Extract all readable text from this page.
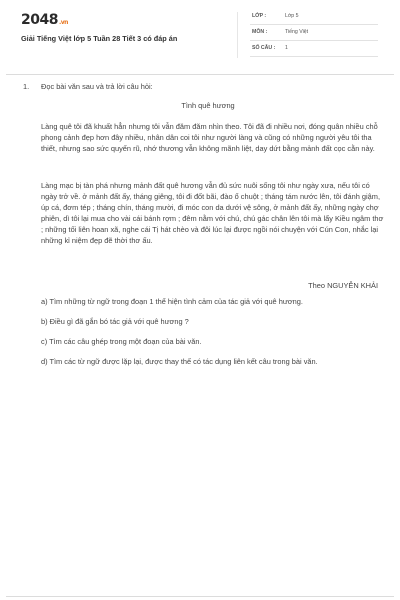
2048.vn
Giải Tiếng Việt lớp 5 Tuần 28 Tiết 3 có đáp án
LỚP :	Lớp 5
MÔN :	Tiếng Việt
SỐ CÂU : 1
1. Đọc bài văn sau và trả lời câu hỏi:
Tình quê hương

Làng quê tôi đã khuất hẳn nhưng tôi vẫn đăm đăm nhìn theo. Tôi đã đi nhiều nơi, đóng quân nhiều chỗ phong cảnh đẹp hơn đây nhiều, nhân dân coi tôi như người làng và cũng có những người yêu tôi tha thiết, nhưng sao sức quyến rũ, nhớ thương vẫn không mãnh liệt, day dứt bằng mảnh đất cọc cằn này.

Làng mạc bị tàn phá nhưng mảnh đất quê hương vẫn đủ sức nuôi sống tôi như ngày xưa, nếu tôi có ngày trở về. ở mảnh đất ấy, tháng giêng, tôi đi đốt bãi, đào ổ chuột ; tháng tám nước lên, tôi đánh giậm, úp cá, đơm tép ; tháng chín, tháng mười, đi móc con da dưới vệ sông, ở mảnh đất ấy, những ngày chợ phiên, dì tôi lại mua cho vài cái bánh rợm ; đêm nằm với chú, chú gác chân lên tôi mà lẩy Kiều ngâm thơ ; những tối liên hoan xã, nghe cái Tị hát chèo và đôi lúc lại được ngồi nói chuyện với Cún Con, nhắc lại những kỉ niệm đẹp đẽ thời thơ ấu.

Theo NGUYỄN KHẢI
a) Tìm những từ ngữ trong đoạn 1 thể hiện tình cảm của tác giả với quê hương.
b) Điều gì đã gắn bó tác giả với quê hương ?
c) Tìm các câu ghép trong một đoạn của bài văn.
d) Tìm các từ ngữ được lặp lại, được thay thế có tác dụng liên kết câu trong bài văn.
